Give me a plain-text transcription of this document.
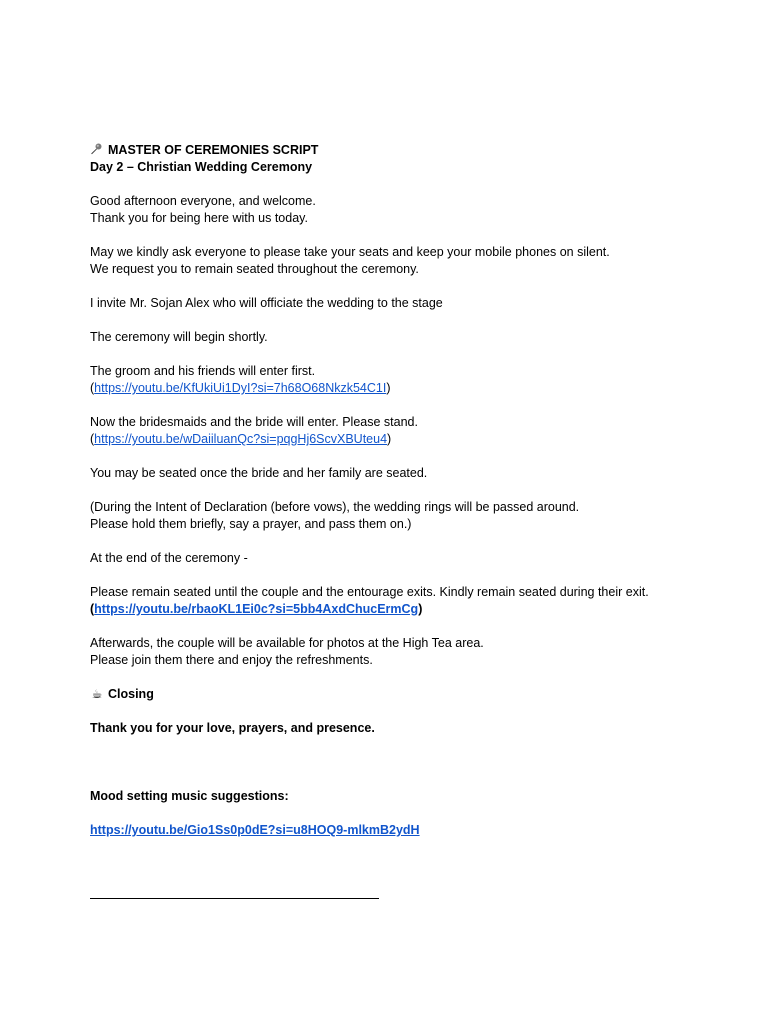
MASTER OF CEREMONIES SCRIPT
Day 2 – Christian Wedding Ceremony
Good afternoon everyone, and welcome.
Thank you for being here with us today.
May we kindly ask everyone to please take your seats and keep your mobile phones on silent.
We request you to remain seated throughout the ceremony.
I invite Mr. Sojan Alex who will officiate the wedding to the stage
The ceremony will begin shortly.
The groom and his friends will enter first.
(https://youtu.be/KfUkiUi1DyI?si=7h68O68Nkzk54C1I)
Now the bridesmaids and the bride will enter. Please stand.
(https://youtu.be/wDaiiluanQc?si=pqgHj6ScvXBUteu4)
You may be seated once the bride and her family are seated.
(During the Intent of Declaration (before vows), the wedding rings will be passed around.
Please hold them briefly, say a prayer, and pass them on.)
At the end of the ceremony -
Please remain seated until the couple and the entourage exits. Kindly remain seated during their exit.
(https://youtu.be/rbaoKL1Ei0c?si=5bb4AxdChucErmCg)
Afterwards, the couple will be available for photos at the High Tea area.
Please join them there and enjoy the refreshments.
☕ Closing
Thank you for your love, prayers, and presence.
Mood setting music suggestions:
https://youtu.be/Gio1Ss0p0dE?si=u8HOQ9-mlkmB2ydH
